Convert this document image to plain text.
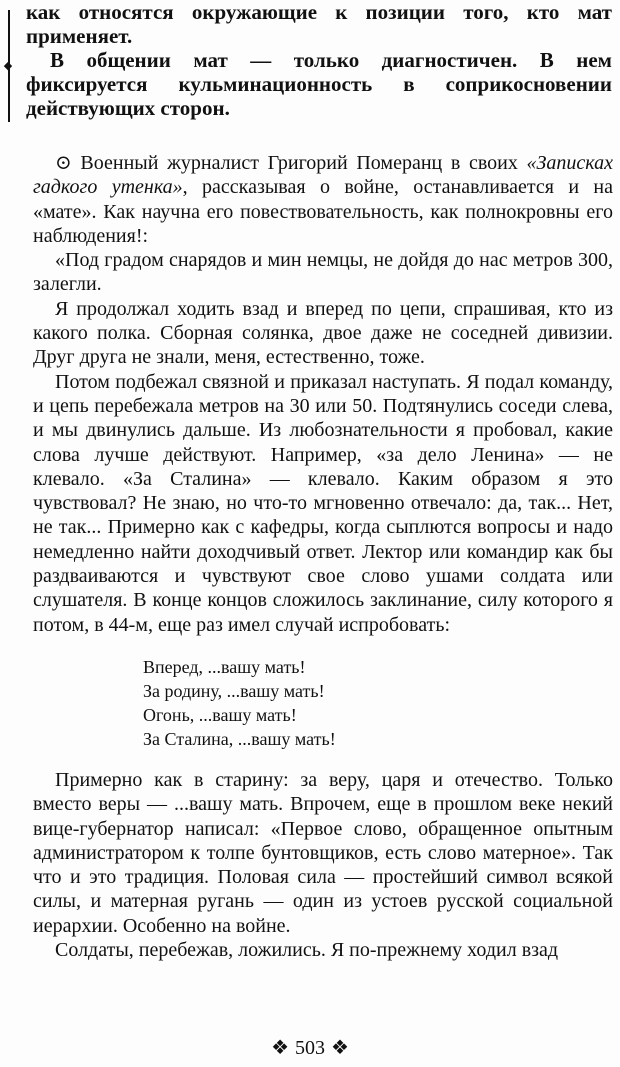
◆

как относятся окружающие к позиции того, кто мат применяет.

В общении мат — только диагностичен. В нем фиксируется кульминационность в соприкосновении действующих сторон.

⊙ Военный журналист Григорий Померанц в своих «Записках гадкого утенка», рассказывая о войне, останавливается и на «мате». Как научна его повествовательность, как полнокровны его наблюдения!:

«Под градом снарядов и мин немцы, не дойдя до нас метров 300, залегли.

Я продолжал ходить взад и вперед по цепи, спрашивая, кто из какого полка. Сборная солянка, двое даже не соседней дивизии. Друг друга не знали, меня, естественно, тоже.

Потом подбежал связной и приказал наступать. Я подал команду, и цепь перебежала метров на 30 или 50. Подтянулись соседи слева, и мы двинулись дальше. Из любознательности я пробовал, какие слова лучше действуют. Например, «за дело Ленина» — не клевало. «За Сталина» — клевало. Каким образом я это чувствовал? Не знаю, но что-то мгновенно отвечало: да, так... Нет, не так... Примерно как с кафедры, когда сыплются вопросы и надо немедленно найти доходчивый ответ. Лектор или командир как бы раздваиваются и чувствуют свое слово ушами солдата или слушателя. В конце концов сложилось заклинание, силу которого я потом, в 44-м, еще раз имел случай испробовать:

Вперед, ...вашу мать!
За родину, ...вашу мать!
Огонь, ...вашу мать!
За Сталина, ...вашу мать!

Примерно как в старину: за веру, царя и отечество. Только вместо веры — ...вашу мать. Впрочем, еще в прошлом веке некий вице-губернатор написал: «Первое слово, обращенное опытным администратором к толпе бунтовщиков, есть слово матерное». Так что и это традиция. Половая сила — простейший символ всякой силы, и матерная ругань — один из устоев русской социальной иерархии. Особенно на войне.

Солдаты, перебежав, ложились. Я по-прежнему ходил взад

❖ 503 ❖
